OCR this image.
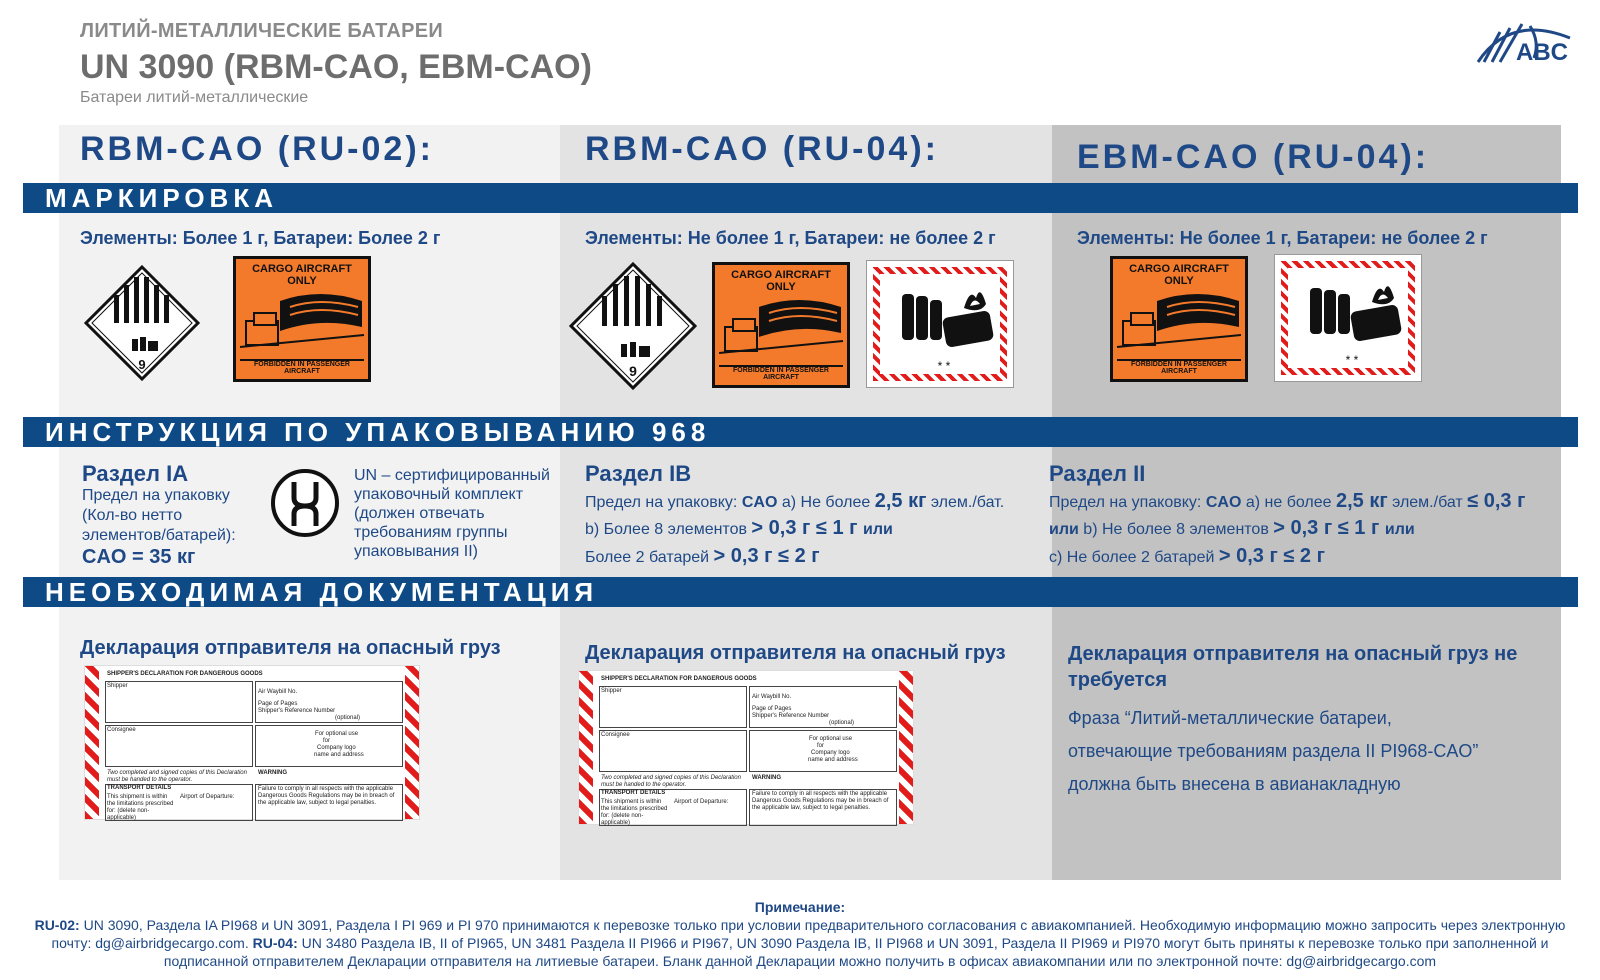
ЛИТИЙ-МЕТАЛЛИЧЕСКИЕ БАТАРЕИ
UN 3090 (RBM-CAO, EBM-CAO)
Батареи литий-металлические
ABC
RBM-CAO (RU-02):	RBM-CAO (RU-04):	EBM-CAO (RU-04):
МАРКИРОВКА
ИНСТРУКЦИЯ ПО УПАКОВЫВАНИЮ 968
НЕОБХОДИМАЯ ДОКУМЕНТАЦИЯ
Элементы: Более 1 г, Батареи: Более 2 г	Элементы: Не более 1 г, Батареи: не более 2 г	Элементы: Не более 1 г, Батареи: не более 2 г
9
CARGO AIRCRAFT
ONLY
FORBIDDEN IN PASSENGER AIRCRAFT	9
CARGO AIRCRAFT
ONLY
FORBIDDEN IN PASSENGER AIRCRAFT
* *
CARGO AIRCRAFT
ONLY
FORBIDDEN IN PASSENGER AIRCRAFT
* *
Раздел IA
Предел на упаковку (Кол-во нетто элементов/батарей):
CAO = 35 кг
UN – сертифицированный упаковочный комплект (должен отвечать требованиям группы упаковывания II)
Раздел IB
Предел на упаковку: CAO а) Не более 2,5 кг элем./бат.
b) Более 8 элементов > 0,3 г ≤ 1 г или
Более 2 батарей > 0,3 г ≤ 2 г
Раздел II
Предел на упаковку: CAO а) не более 2,5 кг элем./бат ≤ 0,3 г
или b) Не более 8 элементов > 0,3 г ≤ 1 г или
с) Не более 2 батарей > 0,3 г ≤ 2 г
Декларация отправителя на опасный груз	Декларация отправителя на опасный груз	Декларация отправителя на опасный груз не требуется
Фраза “Литий-металлические батареи,
отвечающие требованиям раздела II PI968-CAO”
должна быть внесена в авианакладную
SHIPPER'S DECLARATION FOR DANGEROUS GOODS
Shipper
Air Waybill No.
Page of Pages
Shipper's Reference Number
(optional)
Consignee
For optional use
for
Company logo
name and address
Two completed and signed copies of this Declaration must be handed to the operator.
WARNING
TRANSPORT DETAILS
This shipment is within the limitations prescribed for: (delete non-applicable)
Airport of Departure:
Failure to comply in all respects with the applicable Dangerous Goods Regulations may be in breach of the applicable law, subject to legal penalties.
SHIPPER'S DECLARATION FOR DANGEROUS GOODS
Shipper
Air Waybill No.
Page of Pages
Shipper's Reference Number
(optional)
Consignee
For optional use
for
Company logo
name and address
Two completed and signed copies of this Declaration must be handed to the operator.
WARNING
TRANSPORT DETAILS
This shipment is within the limitations prescribed for: (delete non-applicable)
Airport of Departure:
Failure to comply in all respects with the applicable Dangerous Goods Regulations may be in breach of the applicable law, subject to legal penalties.
Примечание:
RU-02: UN 3090, Раздела IA PI968 и UN 3091, Раздела I PI 969 и PI 970 принимаются к перевозке только при условии предварительного согласования с авиакомпанией. Необходимую информацию можно запросить через электронную почту: dg@airbridgecargo.com. RU-04: UN 3480 Раздела IB, II of PI965, UN 3481 Раздела II PI966 и PI967, UN 3090 Раздела IB, II PI968 и UN 3091, Раздела II PI969 и PI970 могут быть приняты к перевозке только при заполненной и подписанной отправителем Декларации отправителя на литиевые батареи. Бланк данной Декларации можно получить в офисах авиакомпании или по электронной почте: dg@airbridgecargo.com
